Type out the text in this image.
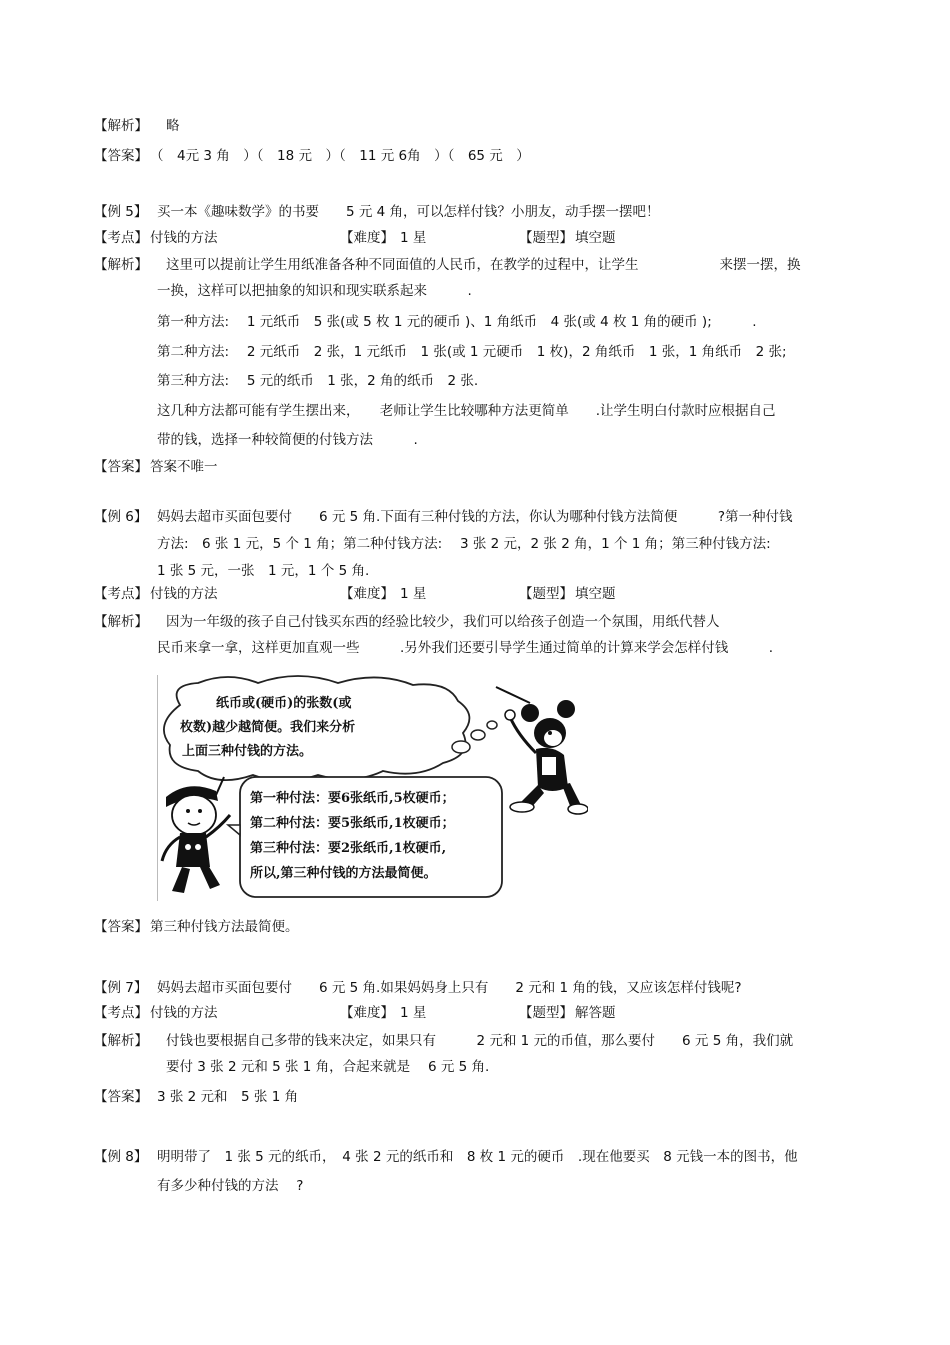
【解析】 略
【答案】 （　4元 3 角　）（　18 元　）（　11 元 6角　）（　65 元　）
【例 5】 买一本《趣味数学》的书要　　5 元 4 角，可以怎样付钱？小朋友，动手摆一摆吧！
【考点】 付钱的方法	【难度】 1 星	【题型】 填空题
【解析】 这里可以提前让学生用纸准备各种不同面值的人民币，在教学的过程中，让学生　　　　　　来摆一摆，换
一换，这样可以把抽象的知识和现实联系起来　　　.
第一种方法:　 1 元纸币　5 张(或 5 枚 1 元的硬币 )、1 角纸币　4 张(或 4 枚 1 角的硬币 );　　　.
第二种方法:　 2 元纸币　2 张，1 元纸币　1 张(或 1 元硬币　1 枚)，2 角纸币　1 张，1 角纸币　2 张;
第三种方法:　 5 元的纸币　1 张，2 角的纸币　2 张.
这几种方法都可能有学生摆出来，　　老师让学生比较哪种方法更简单　　.让学生明白付款时应根据自己
带的钱，选择一种较简便的付钱方法　　　.
【答案】 答案不唯一
【例 6】 妈妈去超市买面包要付　　6 元 5 角.下面有三种付钱的方法，你认为哪种付钱方法简便　　　?第一种付钱
方法:　6 张 1 元，5 个 1 角；第二种付钱方法:　 3 张 2 元，2 张 2 角，1 个 1 角；第三种付钱方法:
1 张 5 元，一张　1 元，1 个 5 角.
【考点】 付钱的方法	【难度】 1 星	【题型】 填空题
【解析】 因为一年级的孩子自己付钱买东西的经验比较少，我们可以给孩子创造一个氛围，用纸代替人
民币来拿一拿，这样更加直观一些　　　.另外我们还要引导学生通过简单的计算来学会怎样付钱　　　.
纸币或(硬币)的张数(或
枚数)越少越简便。我们来分析
上面三种付钱的方法。
第一种付法：要6张纸币,5枚硬币；
第二种付法：要5张纸币,1枚硬币；
第三种付法：要2张纸币,1枚硬币,
所以,第三种付钱的方法最简便。
【答案】 第三种付钱方法最简便。
【例 7】 妈妈去超市买面包要付　　6 元 5 角.如果妈妈身上只有　　2 元和 1 角的钱，又应该怎样付钱呢?
【考点】 付钱的方法	【难度】 1 星	【题型】 解答题
【解析】 付钱也要根据自己多带的钱来决定，如果只有　　　2 元和 1 元的币值，那么要付　　6 元 5 角，我们就
要付 3 张 2 元和 5 张 1 角，合起来就是　 6 元 5 角.
【答案】 3 张 2 元和　5 张 1 角
【例 8】 明明带了　1 张 5 元的纸币，　4 张 2 元的纸币和　8 枚 1 元的硬币　.现在他要买　8 元钱一本的图书，他
有多少种付钱的方法　 ?
